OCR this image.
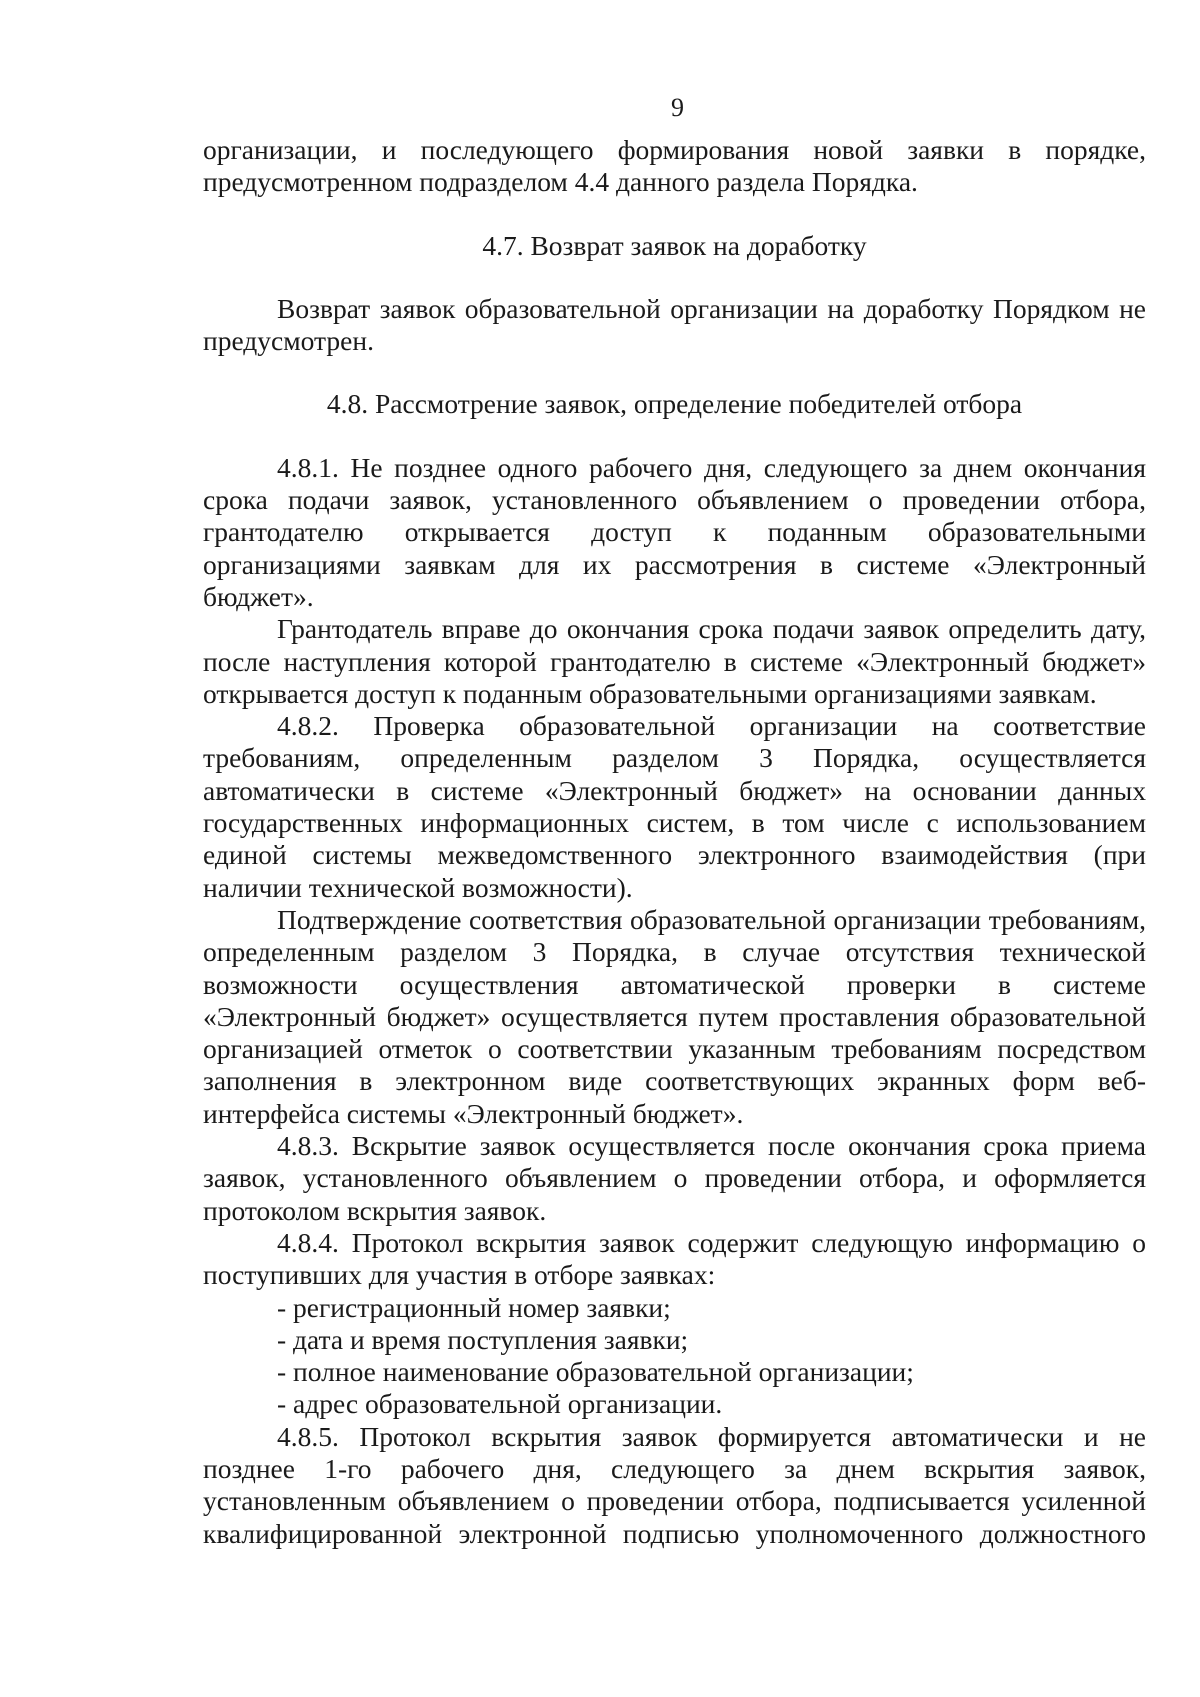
9

организации, и последующего формирования новой заявки в порядке, предусмотренном подразделом 4.4 данного раздела Порядка.

4.7. Возврат заявок на доработку

Возврат заявок образовательной организации на доработку Порядком не предусмотрен.

4.8. Рассмотрение заявок, определение победителей отбора

4.8.1. Не позднее одного рабочего дня, следующего за днем окончания срока подачи заявок, установленного объявлением о проведении отбора, грантодателю открывается доступ к поданным образовательными организациями заявкам для их рассмотрения в системе «Электронный бюджет».

Грантодатель вправе до окончания срока подачи заявок определить дату, после наступления которой грантодателю в системе «Электронный бюджет» открывается доступ к поданным образовательными организациями заявкам.

4.8.2. Проверка образовательной организации на соответствие требованиям, определенным разделом 3 Порядка, осуществляется автоматически в системе «Электронный бюджет» на основании данных государственных информационных систем, в том числе с использованием единой системы межведомственного электронного взаимодействия (при наличии технической возможности).

Подтверждение соответствия образовательной организации требованиям, определенным разделом 3 Порядка, в случае отсутствия технической возможности осуществления автоматической проверки в системе «Электронный бюджет» осуществляется путем проставления образовательной организацией отметок о соответствии указанным требованиям посредством заполнения в электронном виде соответствующих экранных форм веб-интерфейса системы «Электронный бюджет».

4.8.3. Вскрытие заявок осуществляется после окончания срока приема заявок, установленного объявлением о проведении отбора, и оформляется протоколом вскрытия заявок.

4.8.4. Протокол вскрытия заявок содержит следующую информацию о поступивших для участия в отборе заявках:

- регистрационный номер заявки;

- дата и время поступления заявки;

- полное наименование образовательной организации;

- адрес образовательной организации.

4.8.5. Протокол вскрытия заявок формируется автоматически и не позднее 1-го рабочего дня, следующего за днем вскрытия заявок, установленным объявлением о проведении отбора, подписывается усиленной квалифицированной электронной подписью уполномоченного должностного
